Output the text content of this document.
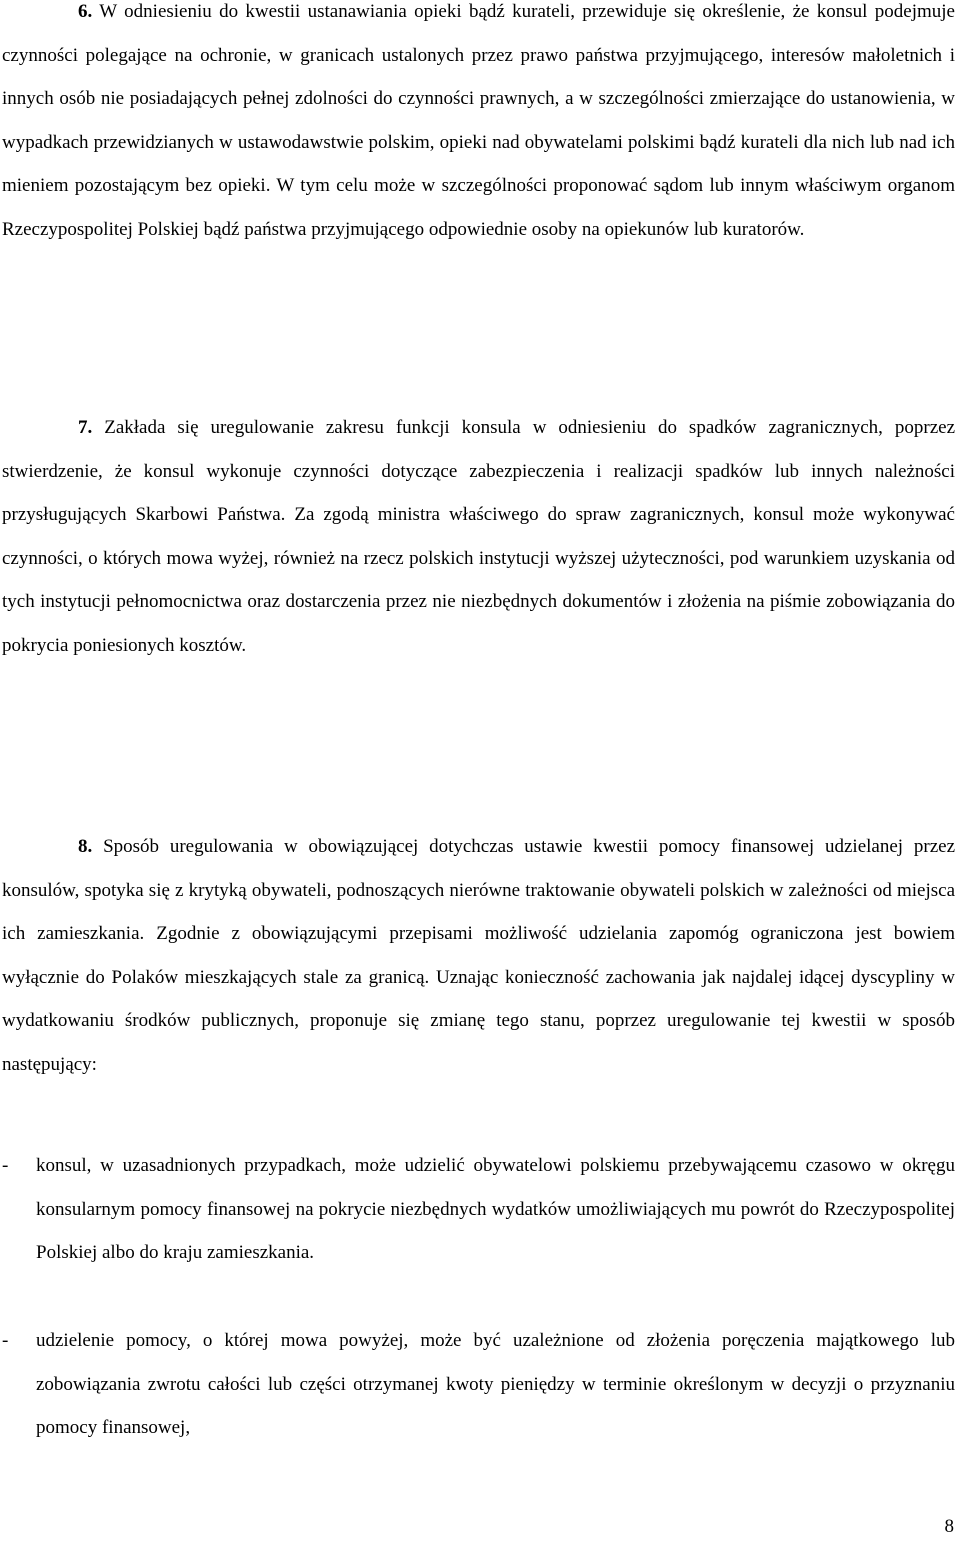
6. W odniesieniu do kwestii ustanawiania opieki bądź kurateli, przewiduje się określenie, że konsul podejmuje czynności polegające na ochronie, w granicach ustalonych przez prawo państwa przyjmującego, interesów małoletnich i innych osób nie posiadających pełnej zdolności do czynności prawnych, a w szczególności zmierzające do ustanowienia, w wypadkach przewidzianych w ustawodawstwie polskim, opieki nad obywatelami polskimi bądź kurateli dla nich lub nad ich mieniem pozostającym bez opieki. W tym celu może w szczególności proponować sądom lub innym właściwym organom Rzeczypospolitej Polskiej bądź państwa przyjmującego odpowiednie osoby na opiekunów lub kuratorów.

7. Zakłada się uregulowanie zakresu funkcji konsula w odniesieniu do spadków zagranicznych, poprzez stwierdzenie, że konsul wykonuje czynności dotyczące zabezpieczenia i realizacji spadków lub innych należności przysługujących Skarbowi Państwa. Za zgodą ministra właściwego do spraw zagranicznych, konsul może wykonywać czynności, o których mowa wyżej, również na rzecz polskich instytucji wyższej użyteczności, pod warunkiem uzyskania od tych instytucji pełnomocnictwa oraz dostarczenia przez nie niezbędnych dokumentów i złożenia na piśmie zobowiązania do pokrycia poniesionych kosztów.

8. Sposób uregulowania w obowiązującej dotychczas ustawie kwestii pomocy finansowej udzielanej przez konsulów, spotyka się z krytyką obywateli, podnoszących nierówne traktowanie obywateli polskich w zależności od miejsca ich zamieszkania. Zgodnie z obowiązującymi przepisami możliwość udzielania zapomóg ograniczona jest bowiem wyłącznie do Polaków mieszkających stale za granicą. Uznając konieczność zachowania jak najdalej idącej dyscypliny w wydatkowaniu środków publicznych, proponuje się zmianę tego stanu, poprzez uregulowanie tej kwestii w sposób następujący:

-	konsul, w uzasadnionych przypadkach, może udzielić obywatelowi polskiemu przebywającemu czasowo w okręgu konsularnym pomocy finansowej na pokrycie niezbędnych wydatków umożliwiających mu powrót do Rzeczypospolitej Polskiej albo do kraju zamieszkania.
-	udzielenie pomocy, o której mowa powyżej, może być uzależnione od złożenia poręczenia majątkowego lub zobowiązania zwrotu całości lub części otrzymanej kwoty pieniędzy w terminie określonym w decyzji o przyznaniu pomocy finansowej,
8
